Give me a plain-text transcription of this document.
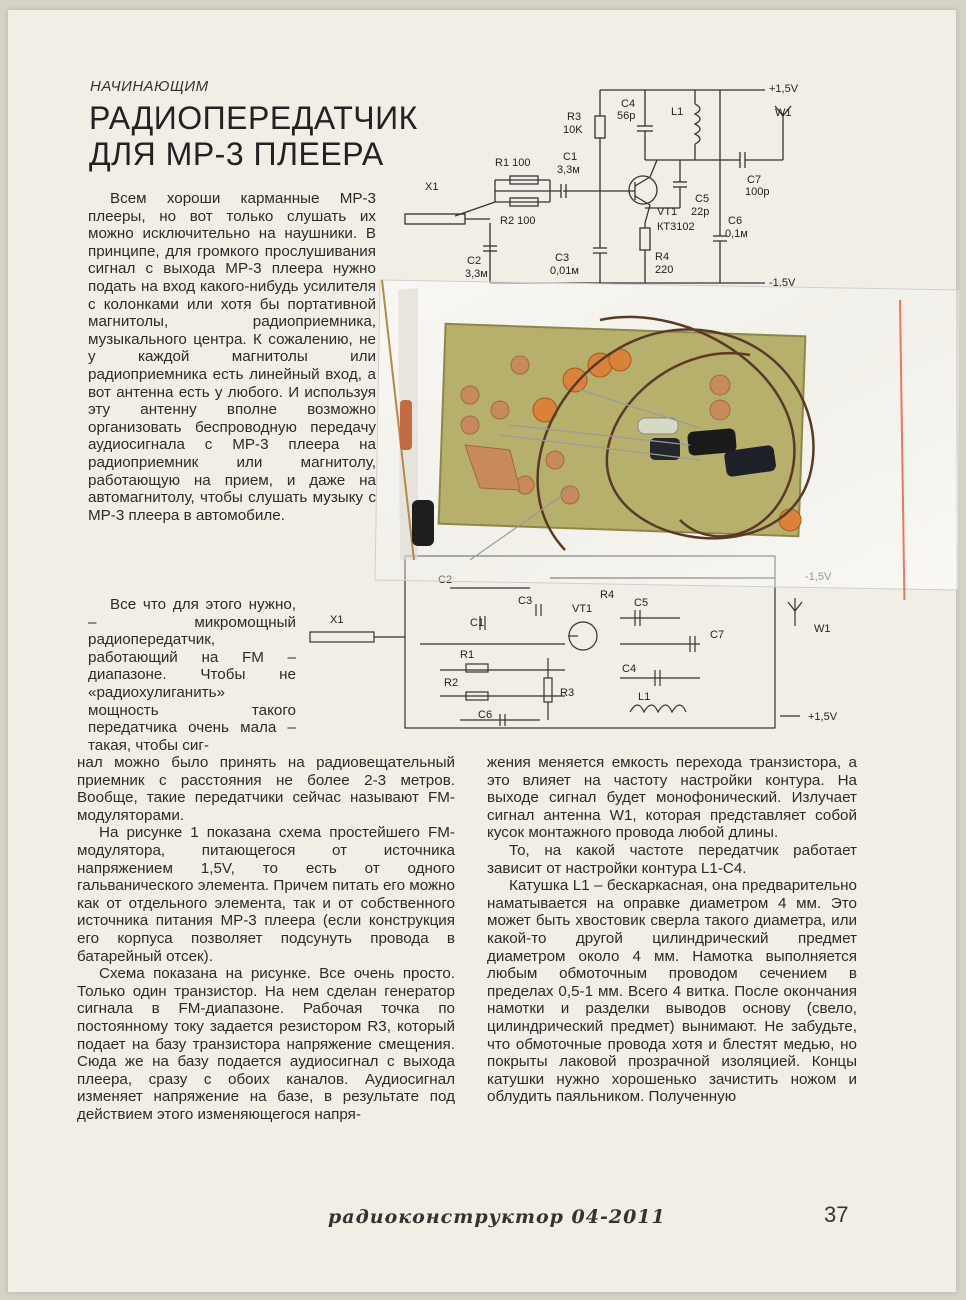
НАЧИНАЮЩИМ
РАДИОПЕРЕДАТЧИК
ДЛЯ МР-3 ПЛЕЕРА
+1,5V
-1,5V
R3
10K
C4
56p	L1	W1
R1 100	C1
3,3м
X1
R2 100
C2
3,3м
C3
0,01м
VT1
КТ3102
C5
22p
C6
0,1м
C7
100p
R4
220
+1,5V
W1
X1	C1
C3
C4
C5
C6
C7
R1
R2
R3
R4
L1
VT1

Всем хороши карманные МР-3 плееры, но вот только слушать их можно исключительно на наушники. В принципе, для громкого прослушивания сигнал с выхода МР-3 плеера нужно подать на вход какого-нибудь усилителя с колонками или хотя бы портативной магнитолы, радиоприемника, музыкального центра. К сожалению, не у каждой магнитолы или радиоприемника есть линейный вход, а вот антенна есть у любого. И используя эту антенну вполне возможно организовать беспроводную передачу аудиосигнала с МР-3 плеера на радиоприемник или магнитолу, работающую на прием, и даже на автомагнитолу, чтобы слушать музыку с МР-3 плеера в автомобиле.

Все что для этого нужно, – микромощный радиопередатчик, работающий на FM – диапазоне. Чтобы не «радиохулиганить» мощность такого передатчика очень мала – такая, чтобы сиг-

нал можно было принять на радиовещательный приемник с расстояния не более 2-3 метров. Вообще, такие передатчики сейчас называют FM-модуляторами.

На рисунке 1 показана схема простейшего FM-модулятора, питающегося от источника напряжением 1,5V, то есть от одного гальванического элемента. Причем питать его можно как от отдельного элемента, так и от собственного источника питания МР-3 плеера (если конструкция его корпуса позволяет подсунуть провода в батарейный отсек).

Схема показана на рисунке. Все очень просто. Только один транзистор. На нем сделан генератор сигнала в FM-диапазоне. Рабочая точка по постоянному току задается резистором R3, который подает на базу транзистора напряжение смещения. Сюда же на базу подается аудиосигнал с выхода плеера, сразу с обоих каналов. Аудиосигнал изменяет напряжение на базе, в результате под действием этого изменяющегося напря-

жения меняется емкость перехода транзистора, а это влияет на частоту настройки контура. На выходе сигнал будет монофонический. Излучает сигнал антенна W1, которая представляет собой кусок монтажного провода любой длины.

То, на какой частоте передатчик работает зависит от настройки контура L1-C4.

Катушка L1 – бескаркасная, она предварительно наматывается на оправке диаметром 4 мм. Это может быть хвостовик сверла такого диаметра, или какой-то другой цилиндрический предмет диаметром около 4 мм. Намотка выполняется любым обмоточным проводом сечением в пределах 0,5-1 мм. Всего 4 витка. После окончания намотки и разделки выводов основу (свело, цилиндрический предмет) вынимают. Не забудьте, что обмоточные провода хотя и блестят медью, но покрыты лаковой прозрачной изоляцией. Концы катушки нужно хорошенько зачистить ножом и облудить паяльником. Полученную

радиоконструктор 04-2011	37
